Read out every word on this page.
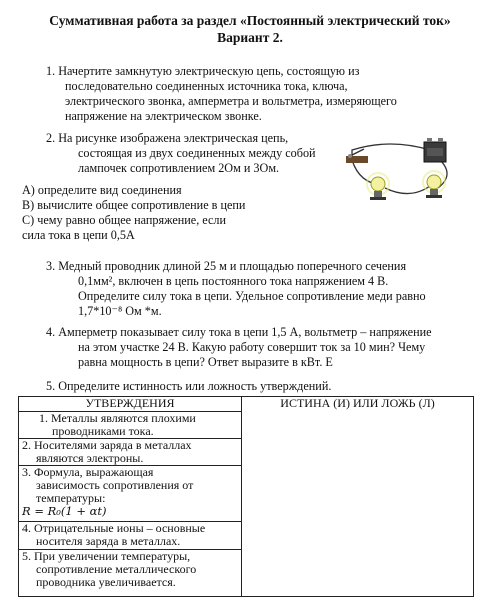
Суммативная работа за раздел «Постоянный электрический ток»
Вариант 2.
1. Начертите замкнутую электрическую цепь, состоящую из
последовательно соединенных источника тока, ключа,
электрического звонка, амперметра и вольтметра, измеряющего
напряжение на электрическом звонке.
2. На рисунке изображена электрическая цепь,
состоящая из двух соединенных между собой
лампочек сопротивлением 2Ом и 3Ом.
А) определите вид соединения
В) вычислите общее сопротивление в цепи
С) чему равно общее напряжение, если
сила тока в цепи 0,5А
3. Медный проводник длиной 25 м и площадью поперечного сечения
0,1мм², включен в цепь постоянного тока напряжением 4 В.
Определите силу тока в цепи. Удельное сопротивление меди равно
1,7*10⁻⁸ Ом *м.
4. Амперметр показывает силу тока в цепи 1,5 А, вольтметр – напряжение
на этом участке 24 В. Какую работу совершит ток за 10 мин? Чему
равна мощность в цепи? Ответ выразите в кВт. Е
5. Определите истинность или ложность утверждений.
УТВЕРЖДЕНИЯ	ИСТИНА (И) ИЛИ ЛОЖЬ (Л)
1. Металлы являются плохими
проводниками тока.
2. Носителями заряда в металлах
являются электроны.
3. Формула, выражающая
зависимость сопротивления от
температуры:
R = R₀(1 + αt)
4. Отрицательные ионы – основные
носителя заряда в металлах.
5. При увеличении температуры,
сопротивление металлического
проводника увеличивается.
